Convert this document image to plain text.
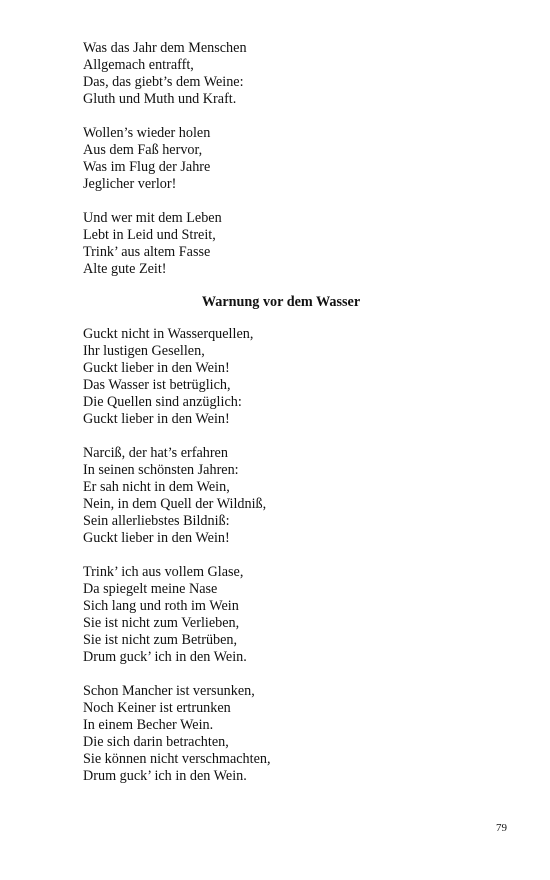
Was das Jahr dem Menschen
Allgemach entrafft,
Das, das giebt’s dem Weine:
Gluth und Muth und Kraft.
Wollen’s wieder holen
Aus dem Faß hervor,
Was im Flug der Jahre
Jeglicher verlor!
Und wer mit dem Leben
Lebt in Leid und Streit,
Trink’ aus altem Fasse
Alte gute Zeit!
Warnung vor dem Wasser
Guckt nicht in Wasserquellen,
Ihr lustigen Gesellen,
Guckt lieber in den Wein!
Das Wasser ist betrüglich,
Die Quellen sind anzüglich:
Guckt lieber in den Wein!
Narciß, der hat’s erfahren
In seinen schönsten Jahren:
Er sah nicht in dem Wein,
Nein, in dem Quell der Wildniß,
Sein allerliebstes Bildniß:
Guckt lieber in den Wein!
Trink’ ich aus vollem Glase,
Da spiegelt meine Nase
Sich lang und roth im Wein
Sie ist nicht zum Verlieben,
Sie ist nicht zum Betrüben,
Drum guck’ ich in den Wein.
Schon Mancher ist versunken,
Noch Keiner ist ertrunken
In einem Becher Wein.
Die sich darin betrachten,
Sie können nicht verschmachten,
Drum guck’ ich in den Wein.
79
